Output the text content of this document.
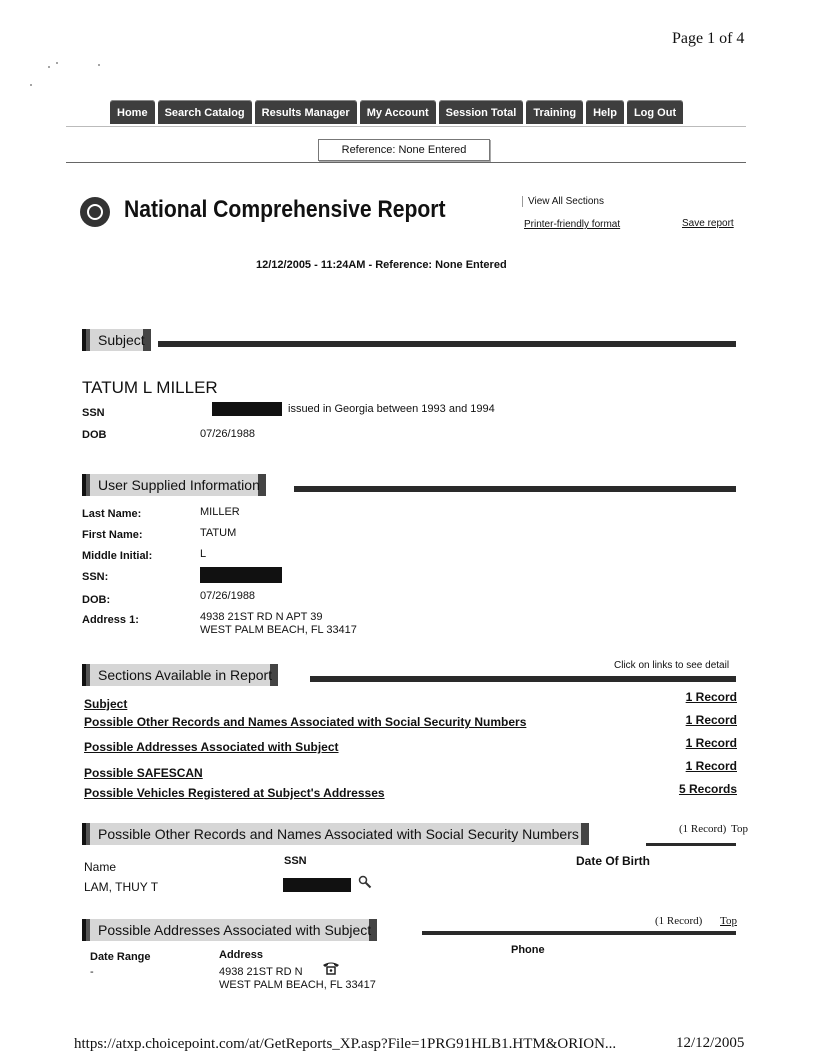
Page 1 of 4
Home	Search Catalog	Results Manager	My Account	Session Total	Training	Help	Log Out
Reference: None Entered
National Comprehensive Report	View All Sections
Printer-friendly format	Save report
12/12/2005 - 11:24AM - Reference: None Entered
Subject
TATUM L MILLER
SSN	issued in Georgia between 1993 and 1994
DOB	07/26/1988
User Supplied Information
Last Name:	MILLER
First Name:	TATUM
Middle Initial:	L
SSN:
DOB:	07/26/1988
Address 1:	4938 21ST RD N APT 39
WEST PALM BEACH, FL 33417
Click on links to see detail
Sections Available in Report
Subject	1 Record
Possible Other Records and Names Associated with Social Security Numbers	1 Record
Possible Addresses Associated with Subject	1 Record
Possible SAFESCAN	1 Record
Possible Vehicles Registered at Subject's Addresses	5 Records
Possible Other Records and Names Associated with Social Security Numbers	(1 Record) Top
Name	SSN	Date Of Birth
LAM, THUY T
(1 Record) Top
Possible Addresses Associated with Subject
Date Range	Address	Phone
-	4938 21ST RD N
WEST PALM BEACH, FL 33417
https://atxp.choicepoint.com/at/GetReports_XP.asp?File=1PRG91HLB1.HTM&ORION...	12/12/2005
